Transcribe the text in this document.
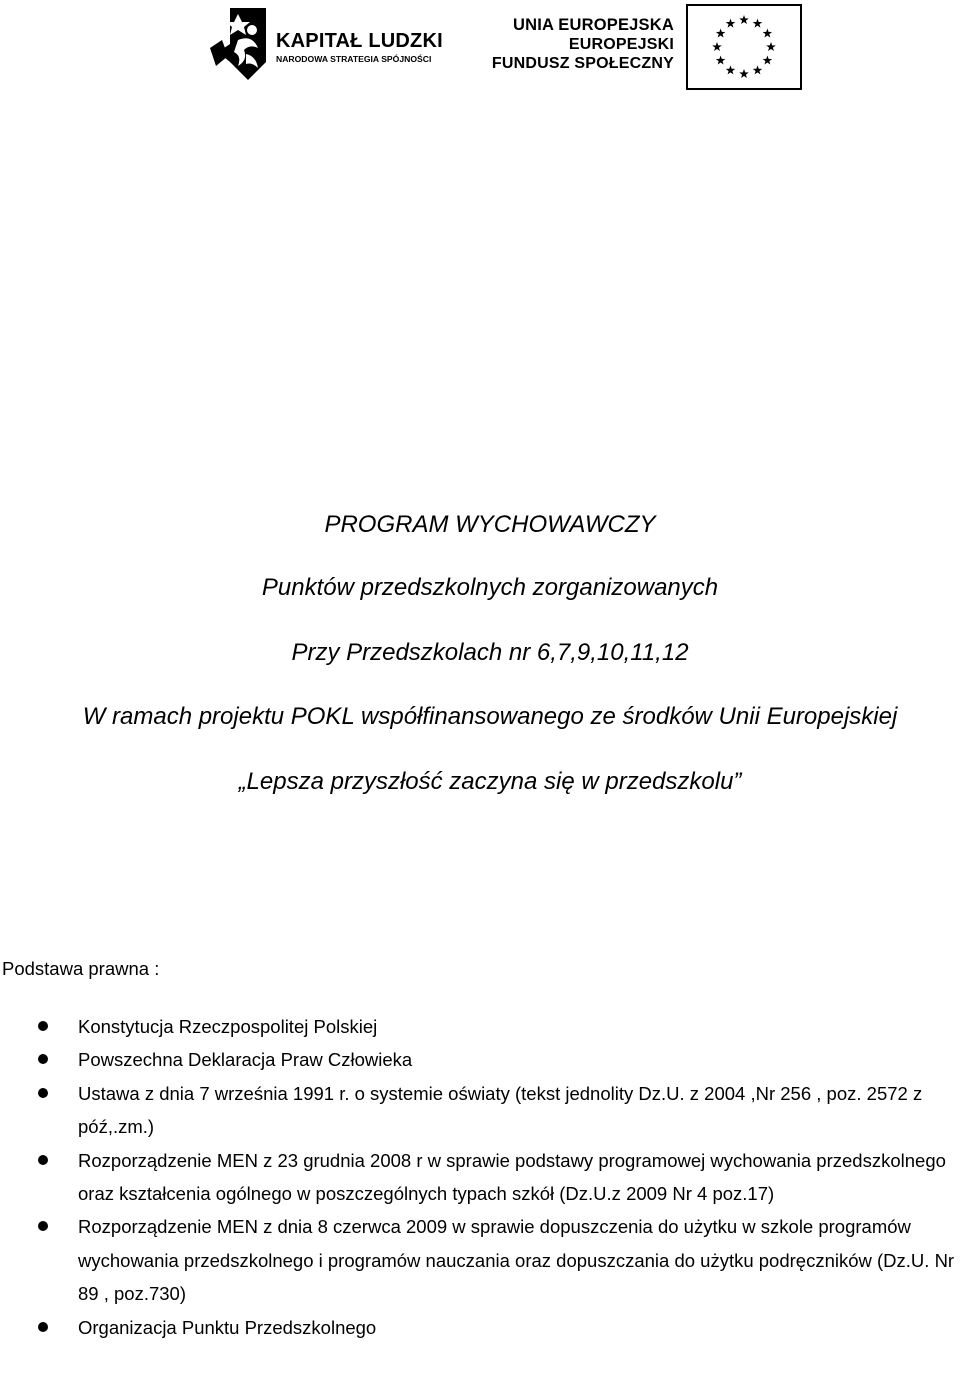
KAPITAŁ LUDZKI
NARODOWA STRATEGIA SPÓJNOŚCI
UNIA EUROPEJSKA
EUROPEJSKI
FUNDUSZ SPOŁECZNY
PROGRAM WYCHOWAWCZY
Punktów przedszkolnych zorganizowanych
Przy Przedszkolach nr 6,7,9,10,11,12
W ramach projektu POKL współfinansowanego ze środków Unii Europejskiej
„Lepsza przyszłość zaczyna się w przedszkolu”
Podstawa prawna :
Konstytucja Rzeczpospolitej Polskiej
Powszechna Deklaracja Praw Człowieka
Ustawa z dnia 7 września 1991 r. o systemie oświaty (tekst jednolity Dz.U. z 2004 ,Nr 256 , poz. 2572 z póź,.zm.)
Rozporządzenie MEN z 23 grudnia 2008 r w sprawie podstawy programowej wychowania przedszkolnego oraz kształcenia ogólnego w poszczególnych typach szkół (Dz.U.z 2009 Nr 4 poz.17)
Rozporządzenie MEN z dnia 8 czerwca 2009 w sprawie dopuszczenia do użytku w szkole programów wychowania przedszkolnego i programów nauczania oraz dopuszczania do użytku podręczników (Dz.U. Nr 89 , poz.730)
Organizacja Punktu Przedszkolnego
